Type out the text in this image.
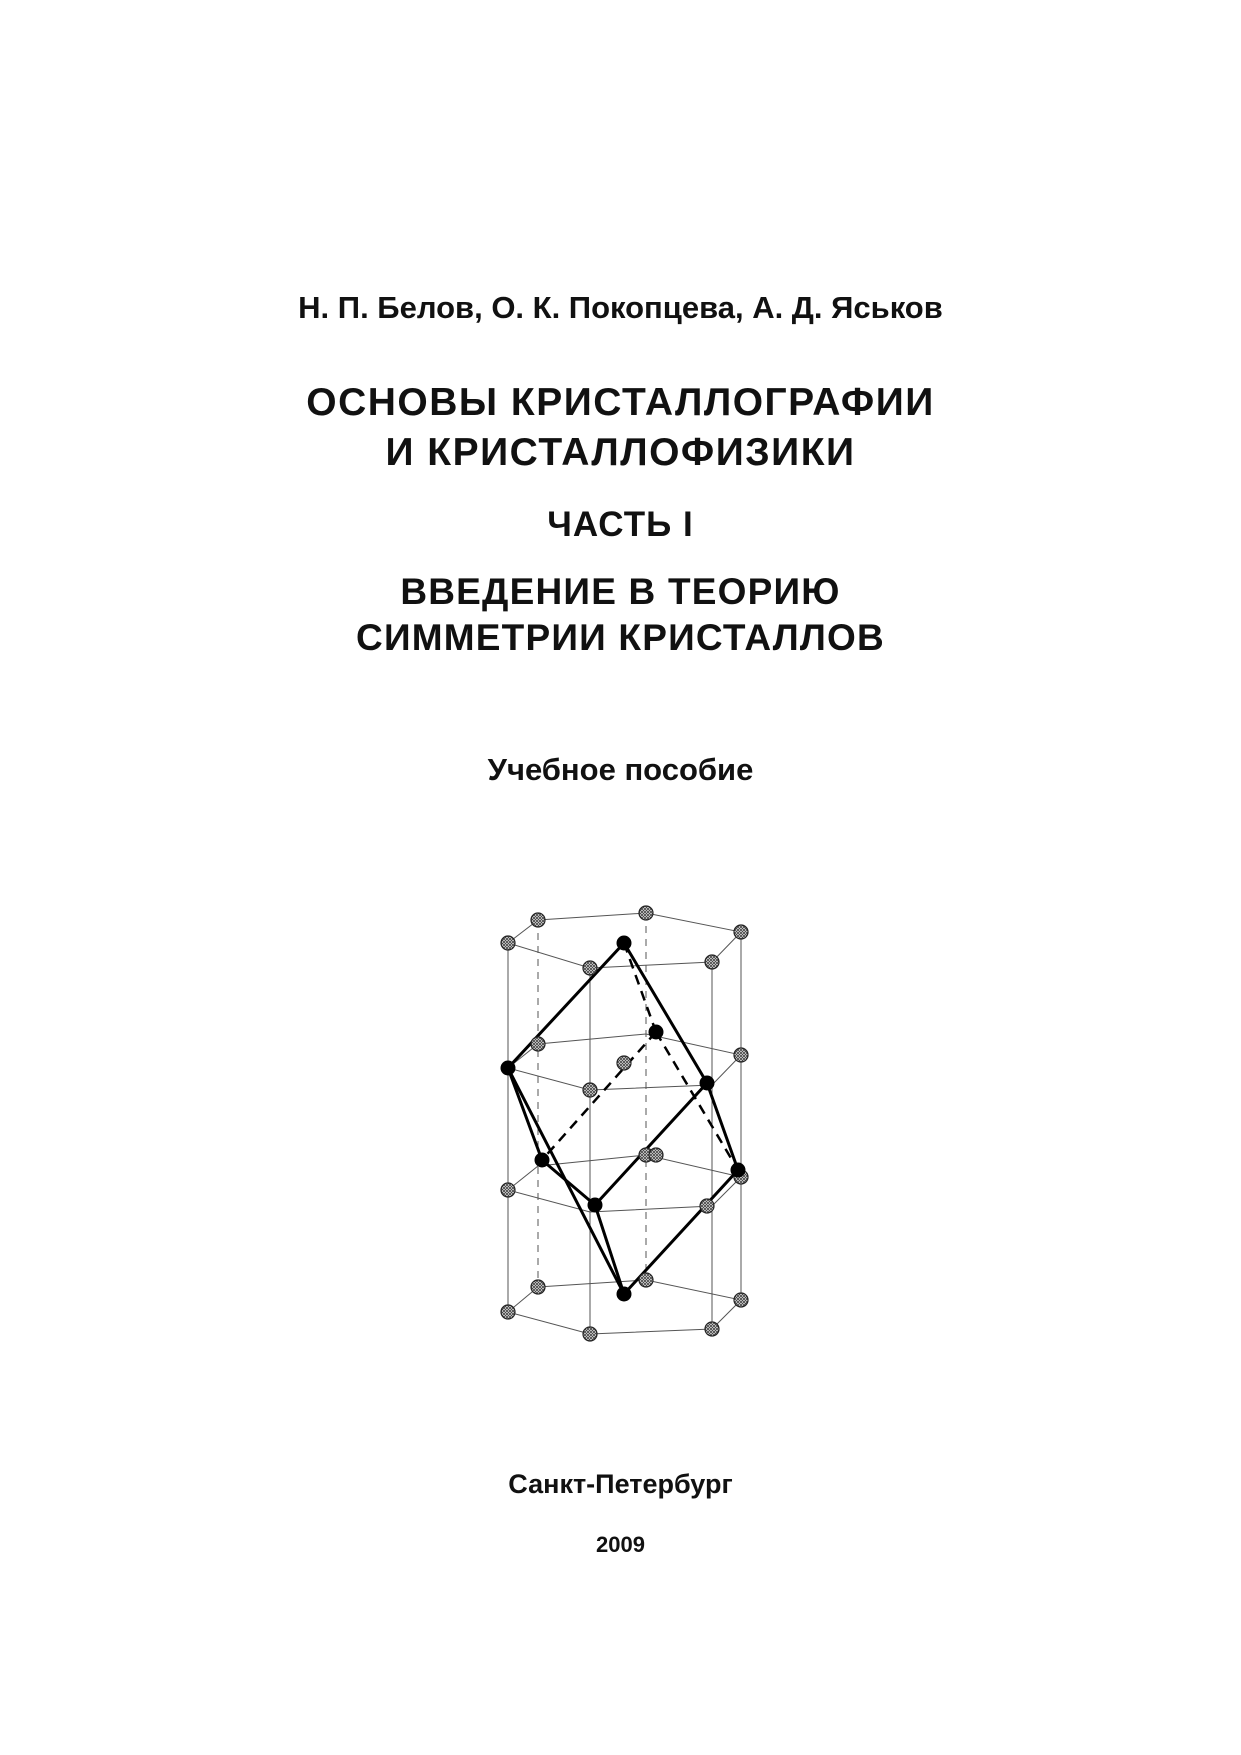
Н. П. Белов, О. К. Покопцева, А. Д. Яськов
ОСНОВЫ КРИСТАЛЛОГРАФИИ
И КРИСТАЛЛОФИЗИКИ
ЧАСТЬ I
ВВЕДЕНИЕ В ТЕОРИЮ
СИММЕТРИИ КРИСТАЛЛОВ
Учебное пособие
Санкт-Петербург
2009
